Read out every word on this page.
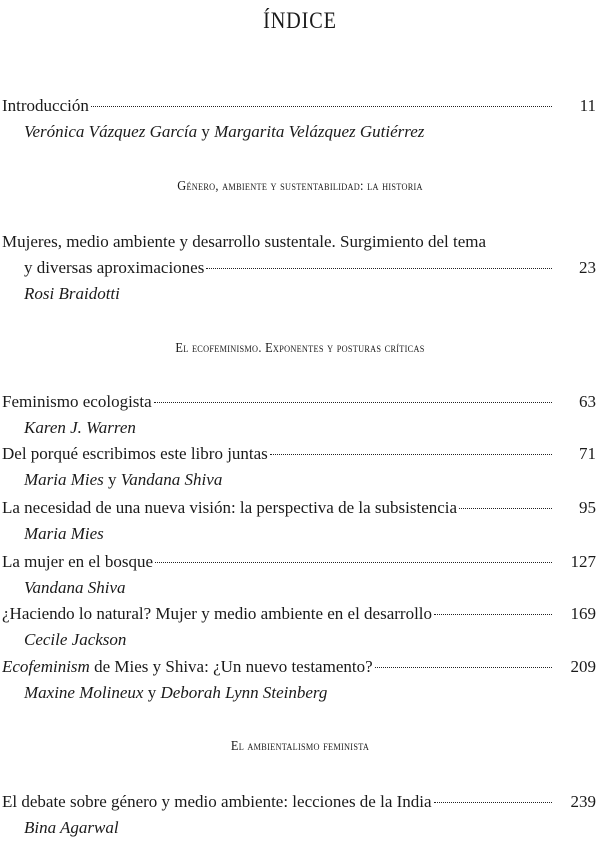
ÍNDICE
Introducción	11
Verónica Vázquez García y Margarita Velázquez Gutiérrez
Género, ambiente y sustentabilidad: la historia
Mujeres, medio ambiente y desarrollo sustentale. Surgimiento del tema
y diversas aproximaciones	23
Rosi Braidotti
El ecofeminismo. Exponentes y posturas críticas
Feminismo ecologista	63
Karen J. Warren
Del porqué escribimos este libro juntas	71
Maria Mies y Vandana Shiva
La necesidad de una nueva visión: la perspectiva de la subsistencia	95
Maria Mies
La mujer en el bosque	127
Vandana Shiva
¿Haciendo lo natural? Mujer y medio ambiente en el desarrollo	169
Cecile Jackson
Ecofeminism de Mies y Shiva: ¿Un nuevo testamento?	209
Maxine Molineux y Deborah Lynn Steinberg
El ambientalismo feminista
El debate sobre género y medio ambiente: lecciones de la India	239
Bina Agarwal
